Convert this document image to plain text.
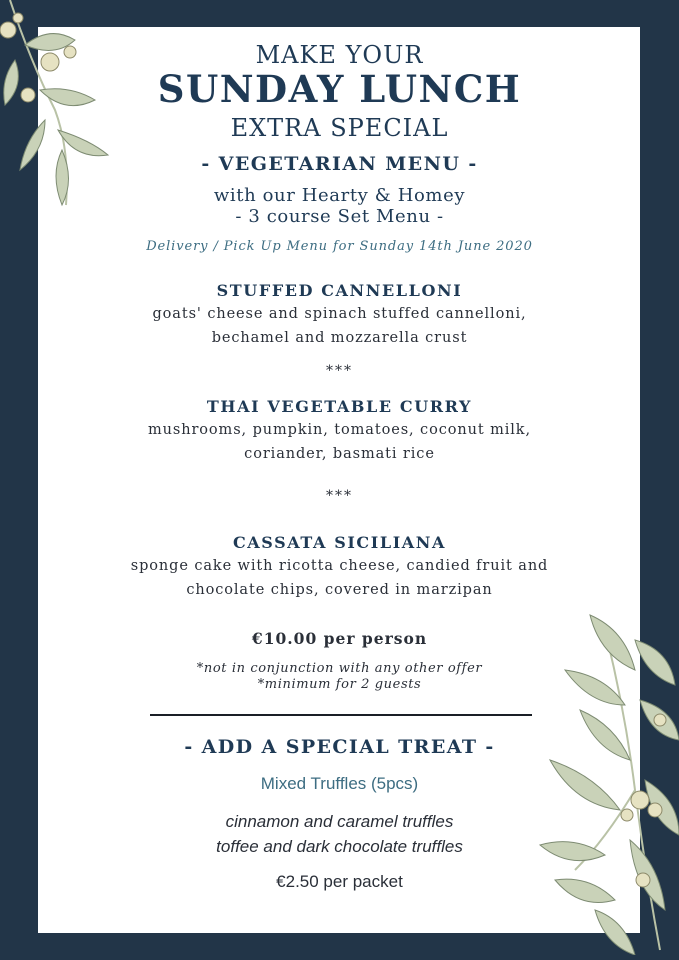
MAKE YOUR
SUNDAY LUNCH
EXTRA SPECIAL
- VEGETARIAN MENU -
with our Hearty & Homey
- 3 course Set Menu -
Delivery / Pick Up Menu for Sunday 14th June 2020
STUFFED CANNELLONI
goats' cheese and spinach stuffed cannelloni,
bechamel and mozzarella crust
***
THAI VEGETABLE CURRY
mushrooms, pumpkin, tomatoes, coconut milk,
coriander, basmati rice
***
CASSATA SICILIANA
sponge cake with ricotta cheese, candied fruit and
chocolate chips, covered in marzipan
€10.00 per person
*not in conjunction with any other offer
*minimum for 2 guests
- ADD A SPECIAL TREAT -
Mixed Truffles (5pcs)
cinnamon and caramel truffles
toffee and dark chocolate truffles
€2.50 per packet
